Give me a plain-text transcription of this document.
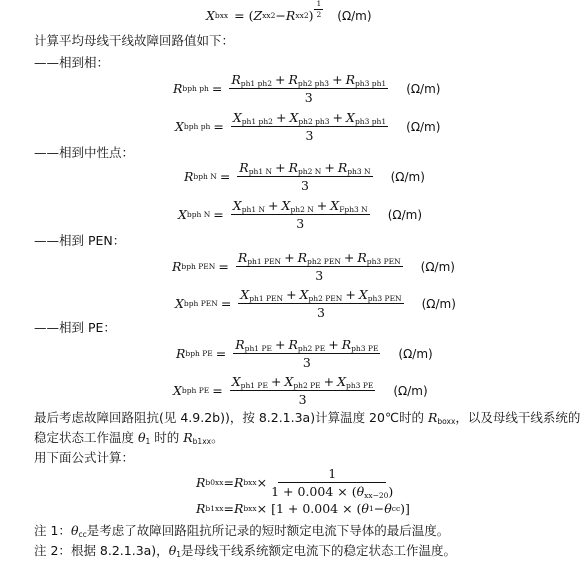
X bxx = ( Z xx 2 − R xx 2 ) $\frac{1}{2} (\Omega/m)$
计算平均母线干线故障回路值如下：
——相到相：
——相到中性点：
——相到 PEN：
——相到 PE：
R bph ph = $\frac{R_{ph1 ph2} + R_{ph2 ph3} + R_{ph3 ph1}}{3} (\Omega/m)$
X bph ph = $\frac{X_{ph1 ph2} + X_{ph2 ph3} + X_{ph3 ph1}}{3} (\Omega/m)$
R bph $N = \frac{R_{ph1 N} + R_{ph2 N} + R_{ph3 N}}{3} (\Omega/m)$
X bph $N = \frac{X_{ph1 N} + X_{ph2 N} + X_{Fph3 N}}{3} (\Omega/m)$
R bph PEN = $\frac{R_{ph1 PEN} + R_{ph2 PEN} + R_{ph3 PEN}}{3} (\Omega/m)$
X bph PEN = $\frac{X_{ph1 PEN} + X_{ph2 PEN} + X_{ph3 PEN}}{3} (\Omega/m)$
R bph PE = $\frac{R_{ph1 PE} + R_{ph2 PE} + R_{ph3 PE}}{3} (\Omega/m)$
X bph PE = $\frac{X_{ph1 PE} + X_{ph2 PE} + X_{ph3 PE}}{3} (\Omega/m)$
最后考虑故障回路阻抗(见 4.9.2b))，按 8.2.1.3a)计算温度 20℃时的 $R_{boxx}$，以及母线干线系统的
稳定状态工作温度 $\theta_1$ 时的 $R_{b1xx}$。
用下面公式计算：
R b0xx = R bxx × $\frac{1}{1 + 0.004 \times (\theta_{xx-20})}$
R b1xx = R bxx × [1 + 0.004 × ( θ 1 − θ cc )]
注 1：$\theta_{cc}$是考虑了故障回路阻抗所记录的短时额定电流下导体的最后温度。
注 2：根据 8.2.1.3a)，$\theta_1$是母线干线系统额定电流下的稳定状态工作温度。
